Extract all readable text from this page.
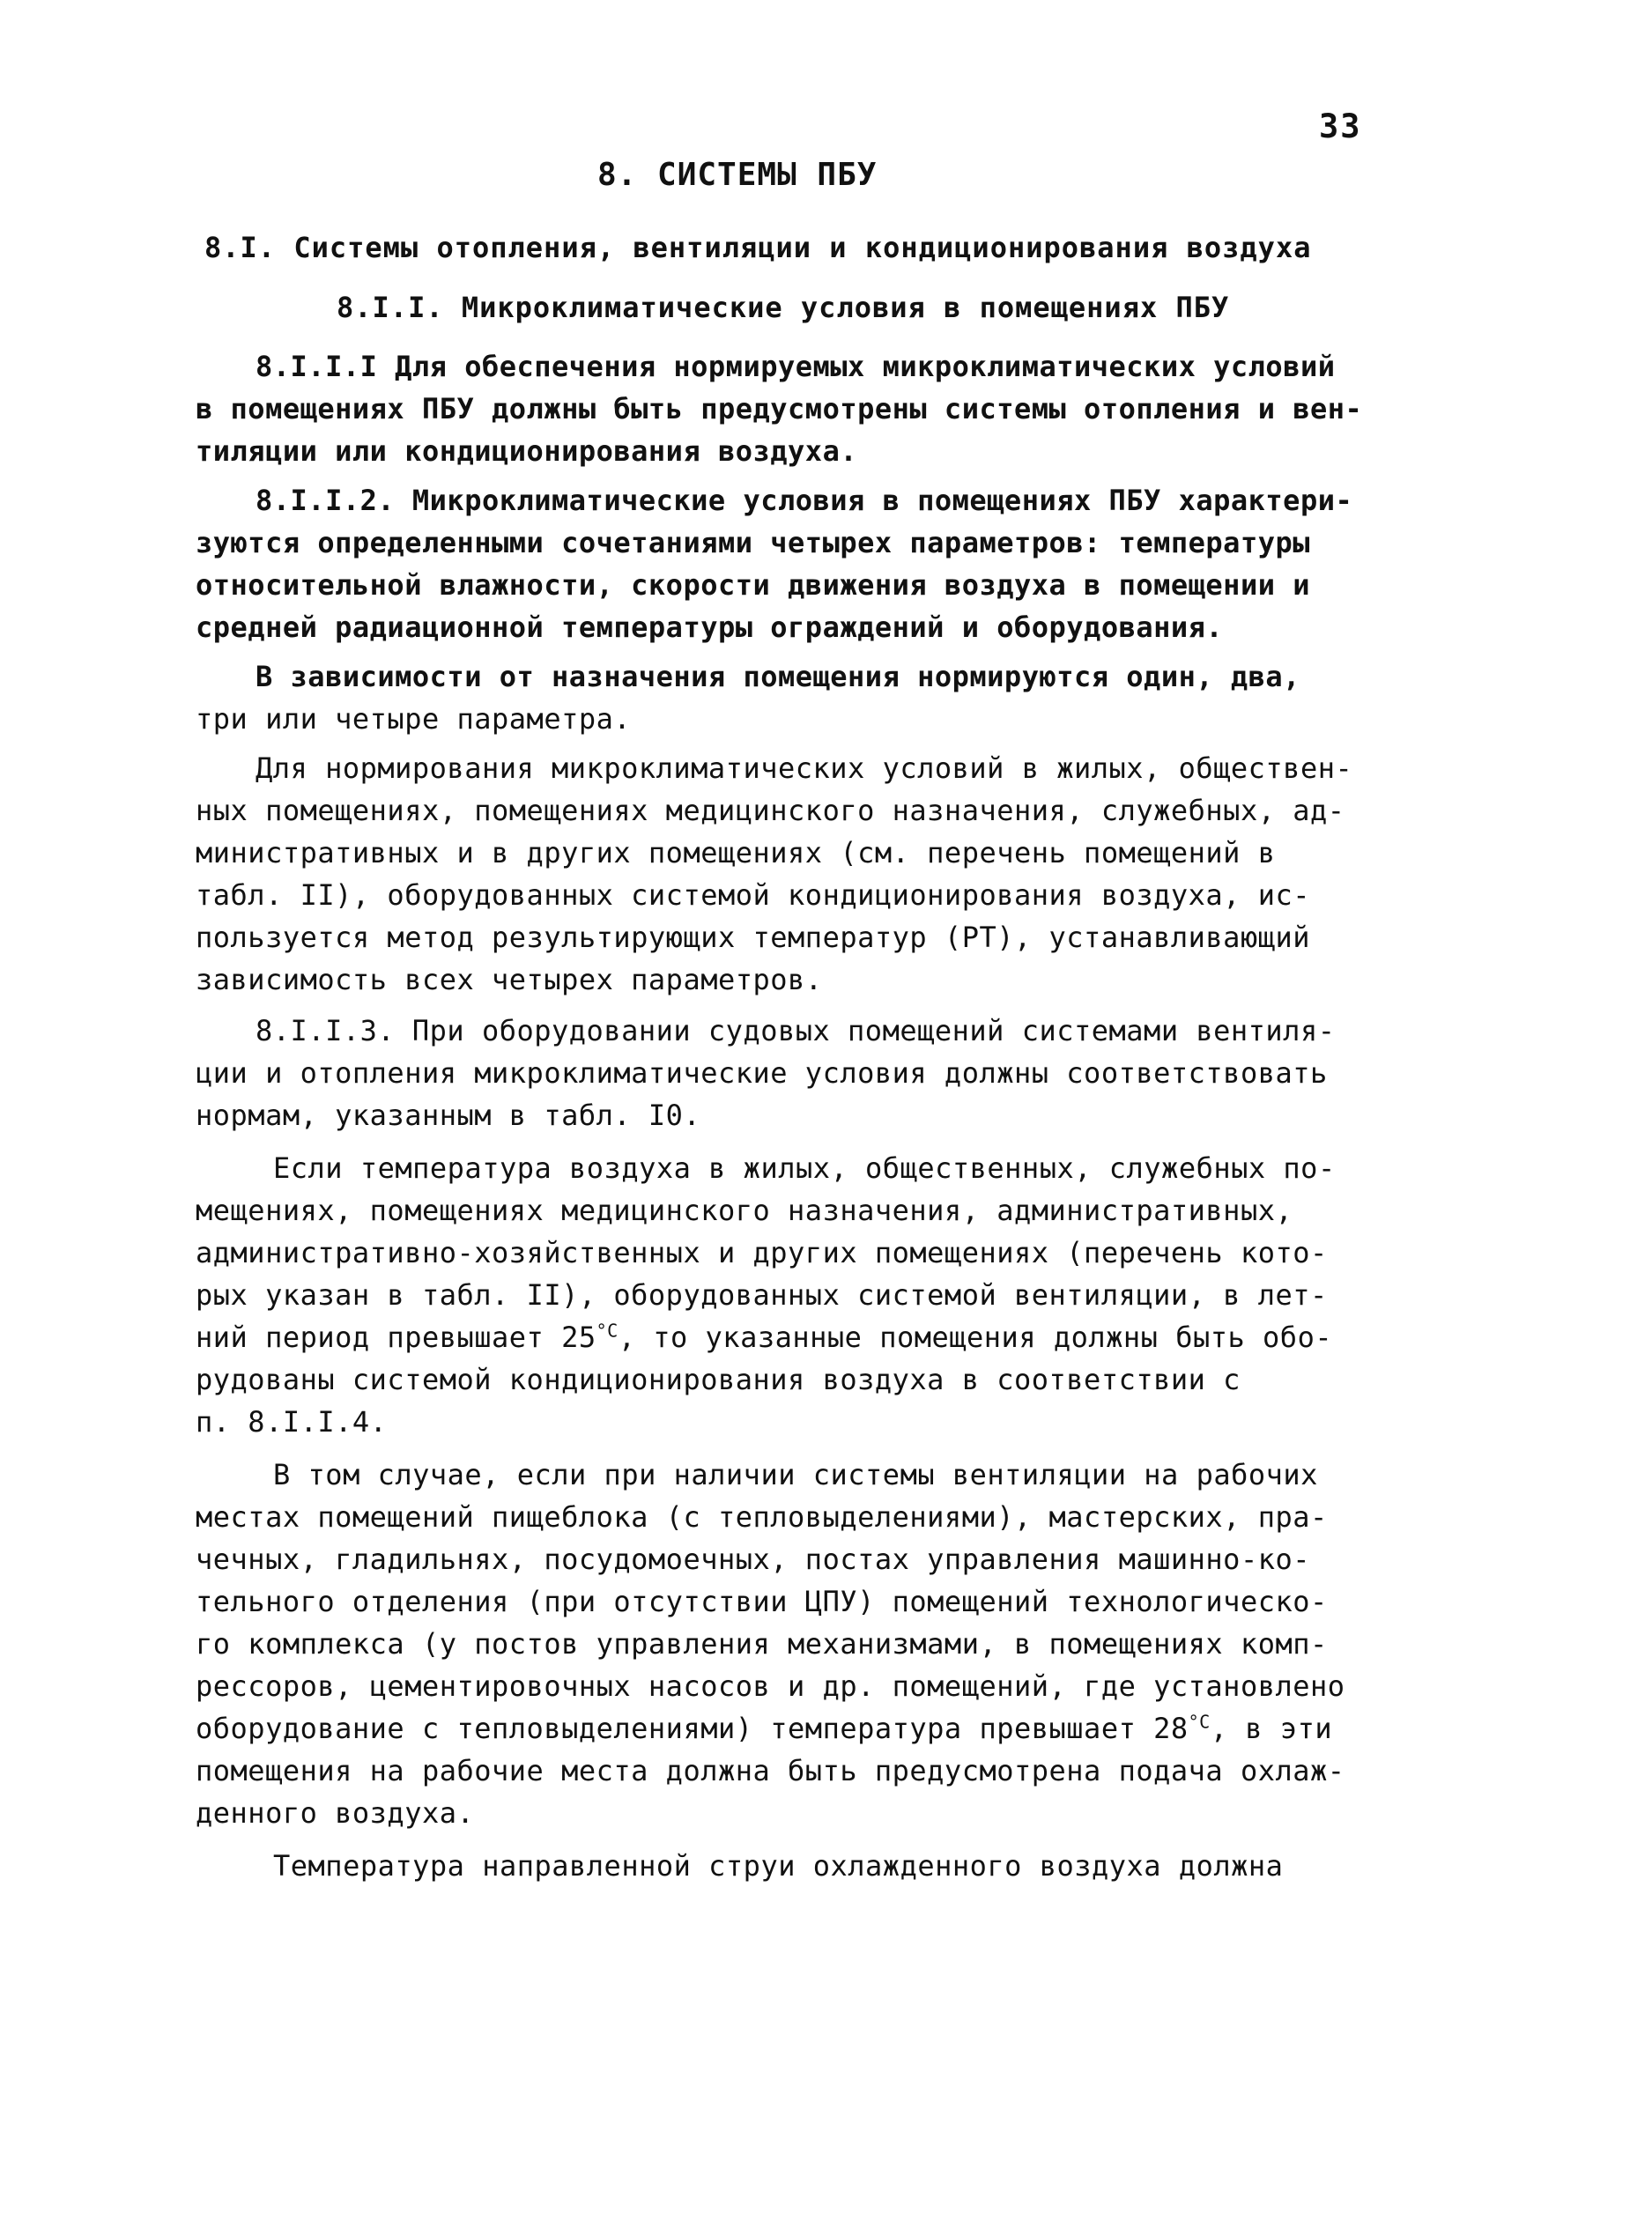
33
8. СИСТЕМЫ ПБУ
8.I. Системы отопления, вентиляции и кондиционирования воздуха
8.I.I. Микроклиматические условия в помещениях ПБУ
8.I.I.I Для обеспечения нормируемых микроклиматических условий
в помещениях ПБУ должны быть предусмотрены системы отопления и вен-
тиляции или кондиционирования воздуха.
8.I.I.2. Микроклиматические условия в помещениях ПБУ характери-
зуются определенными сочетаниями четырех параметров: температуры
относительной влажности, скорости движения воздуха в помещении и
средней радиационной температуры ограждений и оборудования.
В зависимости от назначения помещения нормируются один, два,
три или четыре параметра.
Для нормирования микроклиматических условий в жилых, обществен-
ных помещениях, помещениях медицинского назначения, служебных, ад-
министративных и в других помещениях (см. перечень помещений в
табл. II), оборудованных системой кондиционирования воздуха, ис-
пользуется метод результирующих температур (РТ), устанавливающий
зависимость всех четырех параметров.
8.I.I.3. При оборудовании судовых помещений системами вентиля-
ции и отопления микроклиматические условия должны соответствовать
нормам, указанным в табл. I0.
Если температура воздуха в жилых, общественных, служебных по-
мещениях, помещениях медицинского назначения, административных,
административно-хозяйственных и других помещениях (перечень кото-
рых указан в табл. II), оборудованных системой вентиляции, в лет-
ний период превышает $25^{^\circ C}$, то указанные помещения должны быть обо-
рудованы системой кондиционирования воздуха в соответствии с
п. 8.I.I.4.
В том случае, если при наличии системы вентиляции на рабочих
местах помещений пищеблока (с тепловыделениями), мастерских, пра-
чечных, гладильнях, посудомоечных, постах управления машинно-ко-
тельного отделения (при отсутствии ЦПУ) помещений технологическо-
го комплекса (у постов управления механизмами, в помещениях комп-
рессоров, цементировочных насосов и др. помещений, где установлено
оборудование с тепловыделениями) температура превышает $28^{^\circ C}$, в эти
помещения на рабочие места должна быть предусмотрена подача охлаж-
денного воздуха.
Температура направленной струи охлажденного воздуха должна
